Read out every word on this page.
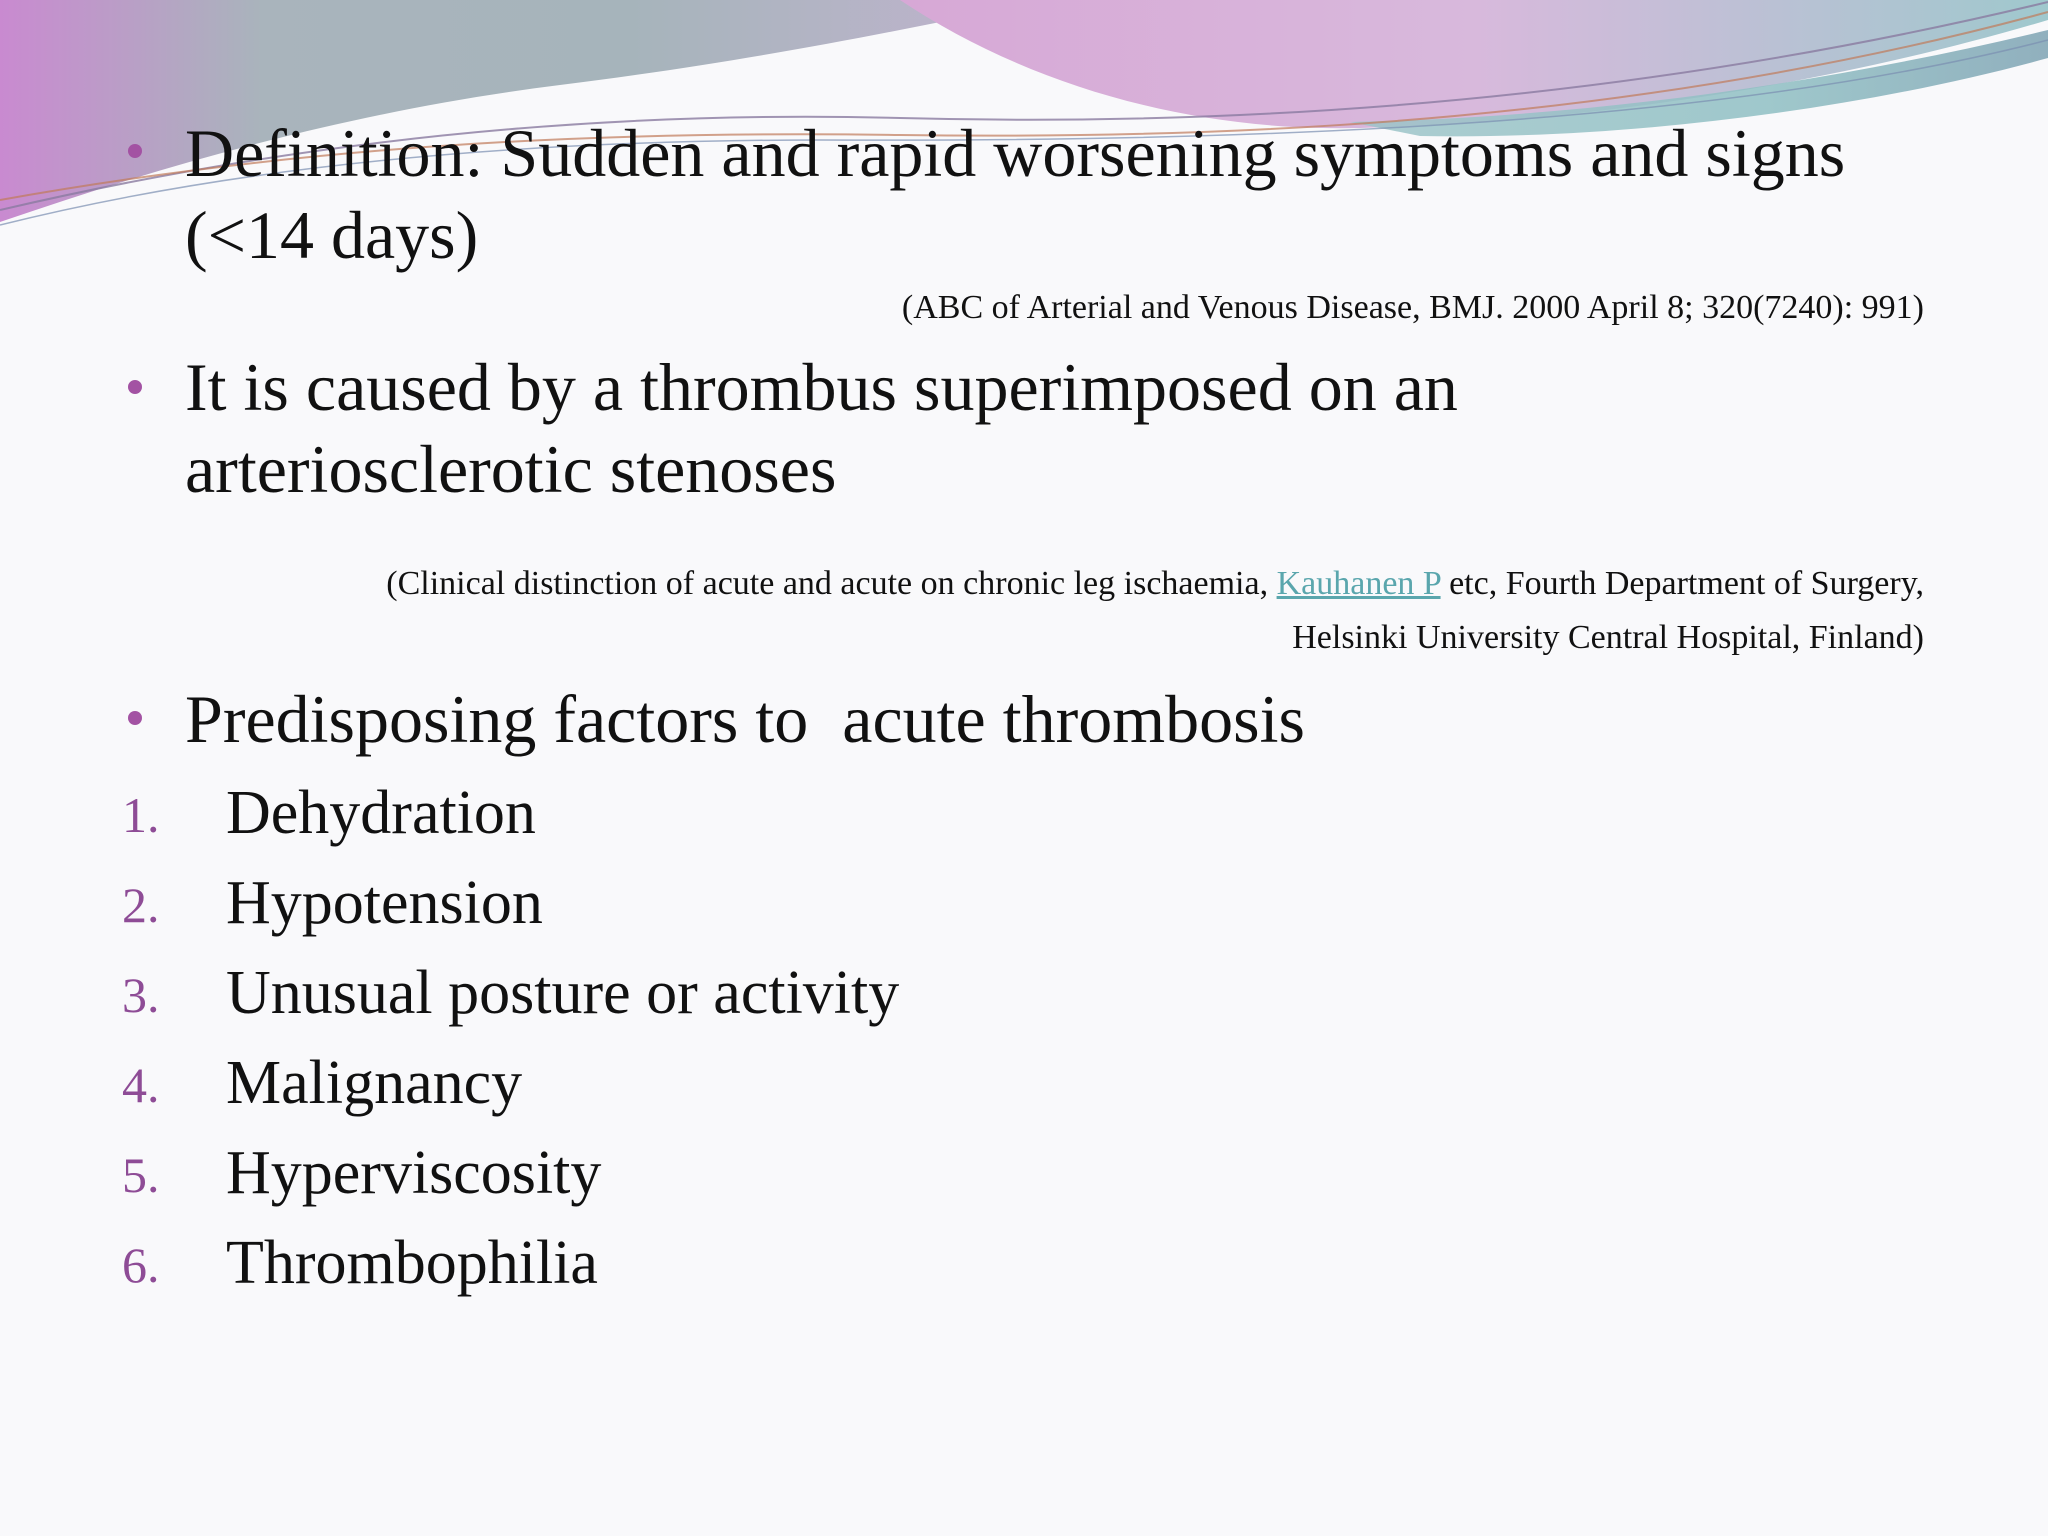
Definition: Sudden and rapid worsening symptoms and signs (<14 days)

(ABC of Arterial and Venous Disease, BMJ. 2000 April 8; 320(7240): 991)

It is caused by a thrombus superimposed on an arteriosclerotic stenoses

(Clinical distinction of acute and acute on chronic leg ischaemia, Kauhanen P etc, Fourth Department of Surgery, Helsinki University Central Hospital, Finland)

Predisposing factors to  acute thrombosis

1. Dehydration
2. Hypotension
3. Unusual posture or activity
4. Malignancy
5. Hyperviscosity
6. Thrombophilia
